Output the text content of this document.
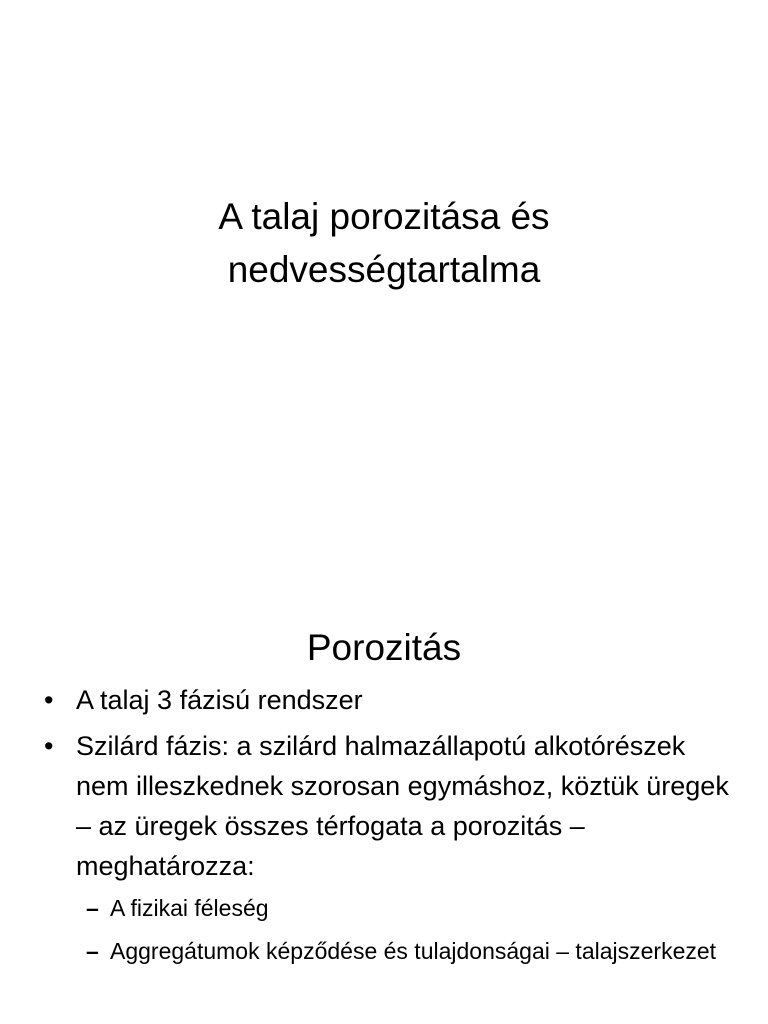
A talaj porozitása és
nedvességtartalma
Porozitás
• A talaj 3 fázisú rendszer
• Szilárd fázis: a szilárd halmazállapotú alkotórészek nem illeszkednek szorosan egymáshoz, köztük üregek – az üregek összes térfogata a porozitás – meghatározza:
– A fizikai féleség
– Aggregátumok képződése és tulajdonságai – talajszerkezet
